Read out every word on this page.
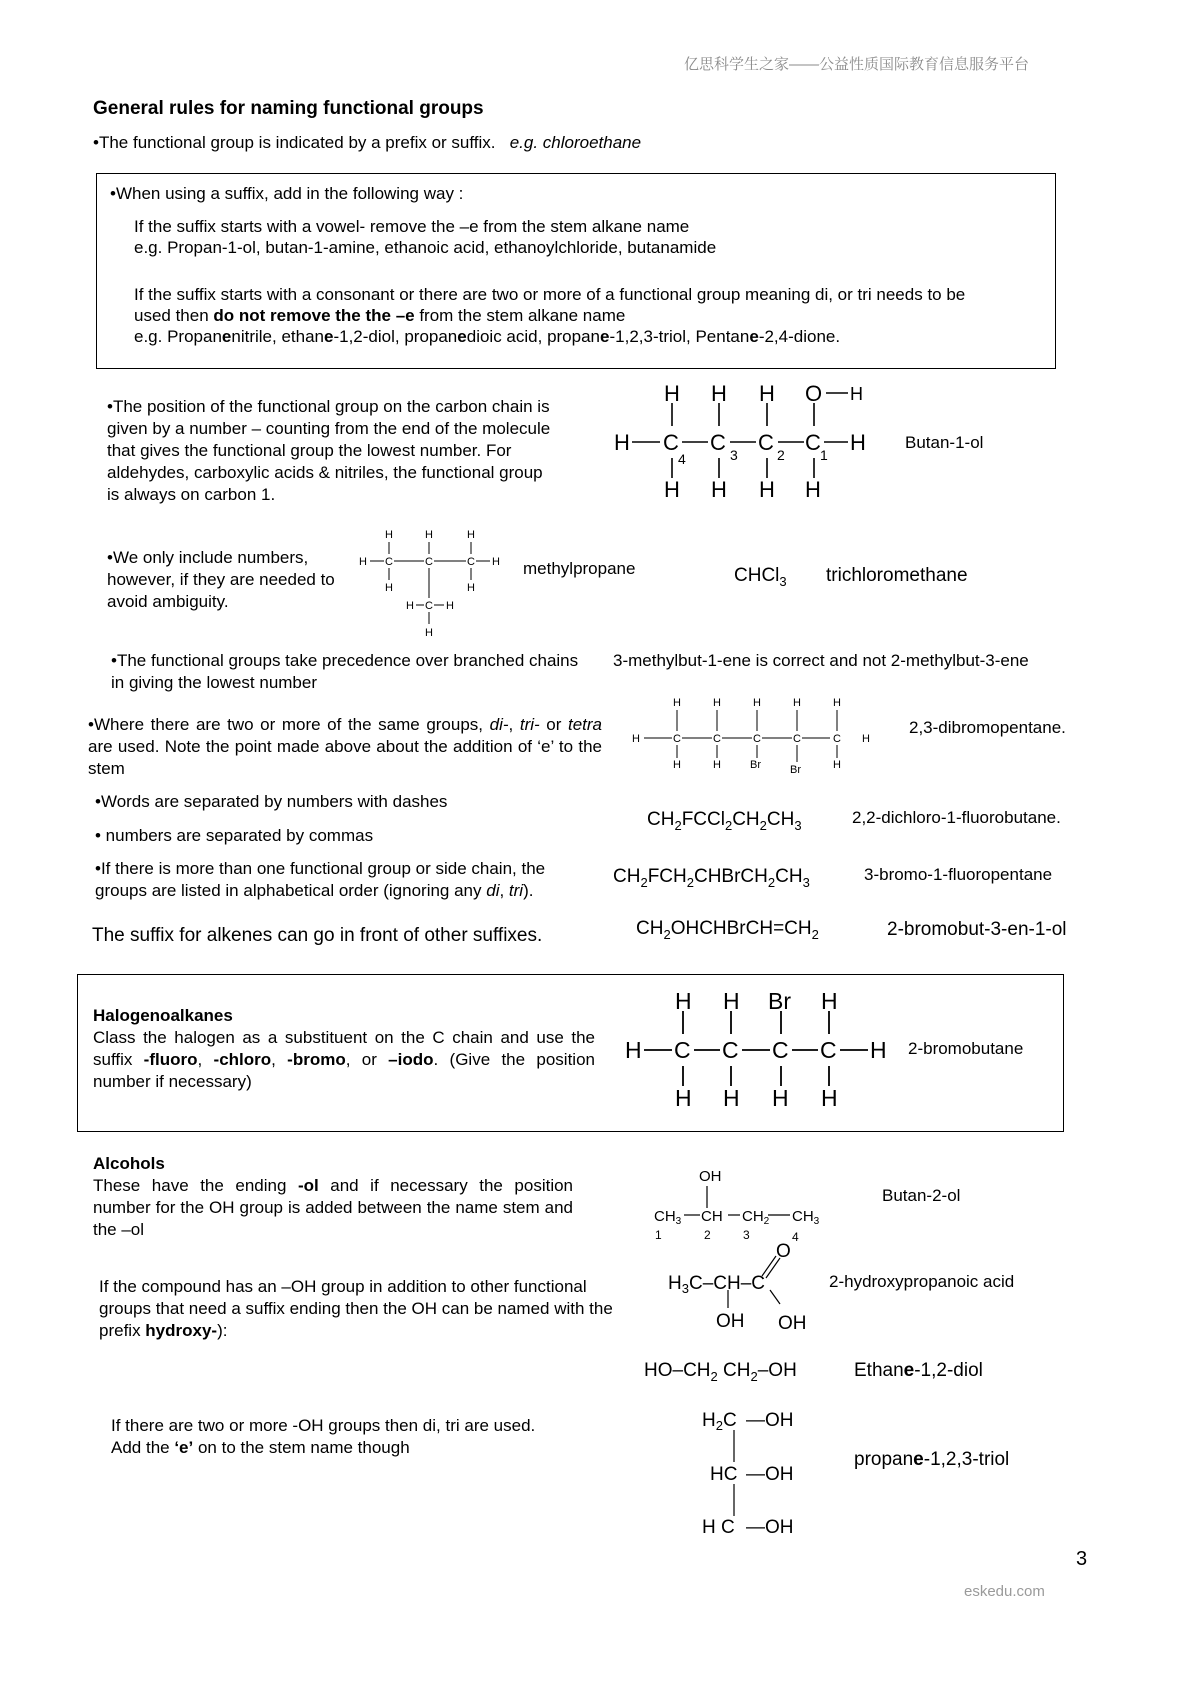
亿思科学生之家——公益性质国际教育信息服务平台
General rules for naming functional groups
•The functional group is indicated by a prefix or suffix. e.g. chloroethane
•When using a suffix, add in the following way :
If the suffix starts with a vowel- remove the –e from the stem alkane name
e.g. Propan-1-ol, butan-1-amine, ethanoic acid, ethanoylchloride, butanamide
If the suffix starts with a consonant or there are two or more of a functional group meaning di, or tri needs to be
used then do not remove the the –e from the stem alkane name
e.g. Propanenitrile, ethane-1,2-diol, propanedioic acid, propane-1,2,3-triol, Pentane-2,4-dione.
•The position of the functional group on the carbon chain is given by a number – counting from the end of the molecule that gives the functional group the lowest number. For aldehydes, carboxylic acids & nitriles, the functional group is always on carbon 1.
H H H O H
H C C C C H
4	3	2	1
H H H H
Butan-1-ol
•We only include numbers, however, if they are needed to avoid ambiguity.
H	H	H
H C	C	C H
H	H
H C H
H
methylpropane	CHCl$_3$ trichloromethane
•The functional groups take precedence over branched chains in giving the lowest number
3-methylbut-1-ene is correct and not 2-methylbut-3-ene
•Where there are two or more of the same groups, di-, tri- or tetra are used. Note the point made above about the addition of ‘e’ to the stem
H	H	H	H	H
H	C	C	C	C	C H
H	H	Br	Br	H
2,3-dibromopentane.
•Words are separated by numbers with dashes
$CH_2FCCl_2CH_2CH_3$	2,2-dichloro-1-fluorobutane.
• numbers are separated by commas
•If there is more than one functional group or side chain, the groups are listed in alphabetical order (ignoring any di, tri).
$CH_2FCH_2CHBrCH_2CH_3$	3-bromo-1-fluoropentane
The suffix for alkenes can go in front of other suffixes.	$CH_2OHCHBrCH=CH_2$	2-bromobut-3-en-1-ol
Halogenoalkanes
Class the halogen as a substituent on the C chain and use the suffix -fluoro, -chloro, -bromo, or –iodo. (Give the position number if necessary)
H H Br H
H C C C C H
H H H H
2-bromobutane
Alcohols
These have the ending -ol and if necessary the position number for the OH group is added between the name stem and the –ol
OH
$CH_3$ CH $CH_2$ $CH_3$
1	2	3	4
Butan-2-ol
If the compound has an –OH group in addition to other functional groups that need a suffix ending then the OH can be named with the prefix hydroxy-):
$H_3C-CH-C$
O
OH OH
2-hydroxypropanoic acid
$HO-CH_2$ $CH_2-OH$	Ethane-1,2-diol
If there are two or more -OH groups then di, tri are used.
Add the ‘e’ on to the stem name though
$H_2C$ —OH
HC —OH
H C —OH
propane-1,2,3-triol
3
eskedu.com
